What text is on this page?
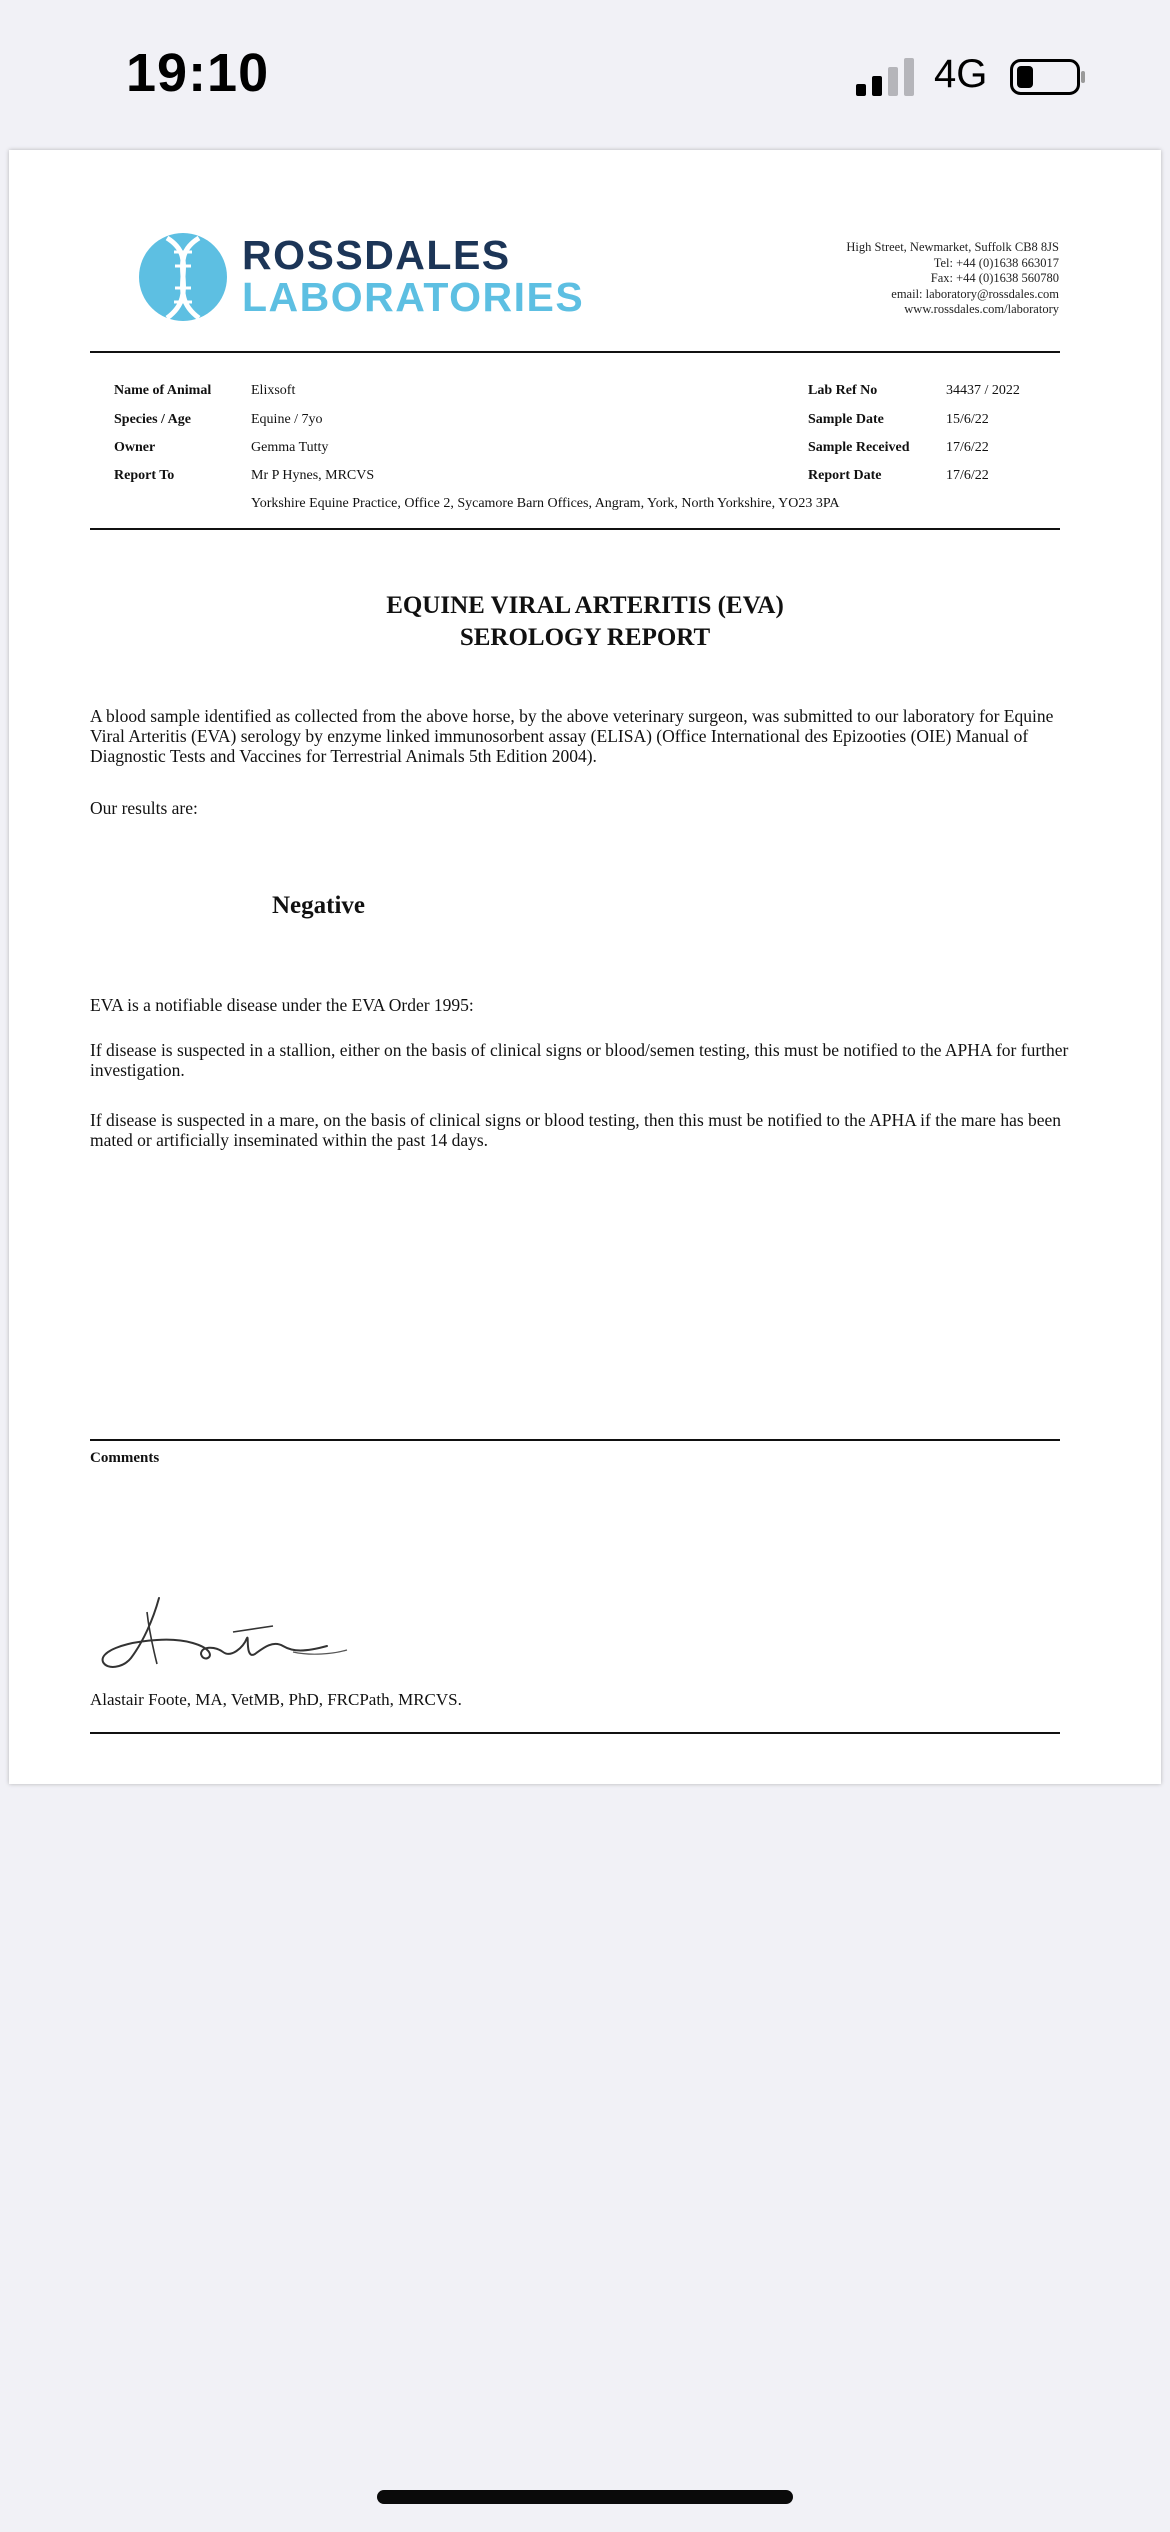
19:10	4G
ROSSDALES
LABORATORIES
High Street, Newmarket, Suffolk CB8 8JS
Tel: +44 (0)1638 663017
Fax: +44 (0)1638 560780
email: laboratory@rossdales.com
www.rossdales.com/laboratory
Name of Animal	Elixsoft
Species / Age	Equine / 7yo
Owner	Gemma Tutty
Report To	Mr P Hynes, MRCVS
Yorkshire Equine Practice, Office 2, Sycamore Barn Offices, Angram, York, North Yorkshire, YO23 3PA
Lab Ref No	34437 / 2022
Sample Date	15/6/22
Sample Received	17/6/22
Report Date	17/6/22
EQUINE VIRAL ARTERITIS (EVA)
SEROLOGY REPORT
A blood sample identified as collected from the above horse, by the above veterinary surgeon, was submitted to our laboratory for Equine Viral Arteritis (EVA) serology by enzyme linked immunosorbent assay (ELISA) (Office International des Epizooties (OIE) Manual of Diagnostic Tests and Vaccines for Terrestrial Animals 5th Edition 2004).
Our results are:
Negative
EVA is a notifiable disease under the EVA Order 1995:
If disease is suspected in a stallion, either on the basis of clinical signs or blood/semen testing, this must be notified to the APHA for further investigation.
If disease is suspected in a mare, on the basis of clinical signs or blood testing, then this must be notified to the APHA if the mare has been mated or artificially inseminated within the past 14 days.
Comments
Alastair Foote, MA, VetMB, PhD, FRCPath, MRCVS.
